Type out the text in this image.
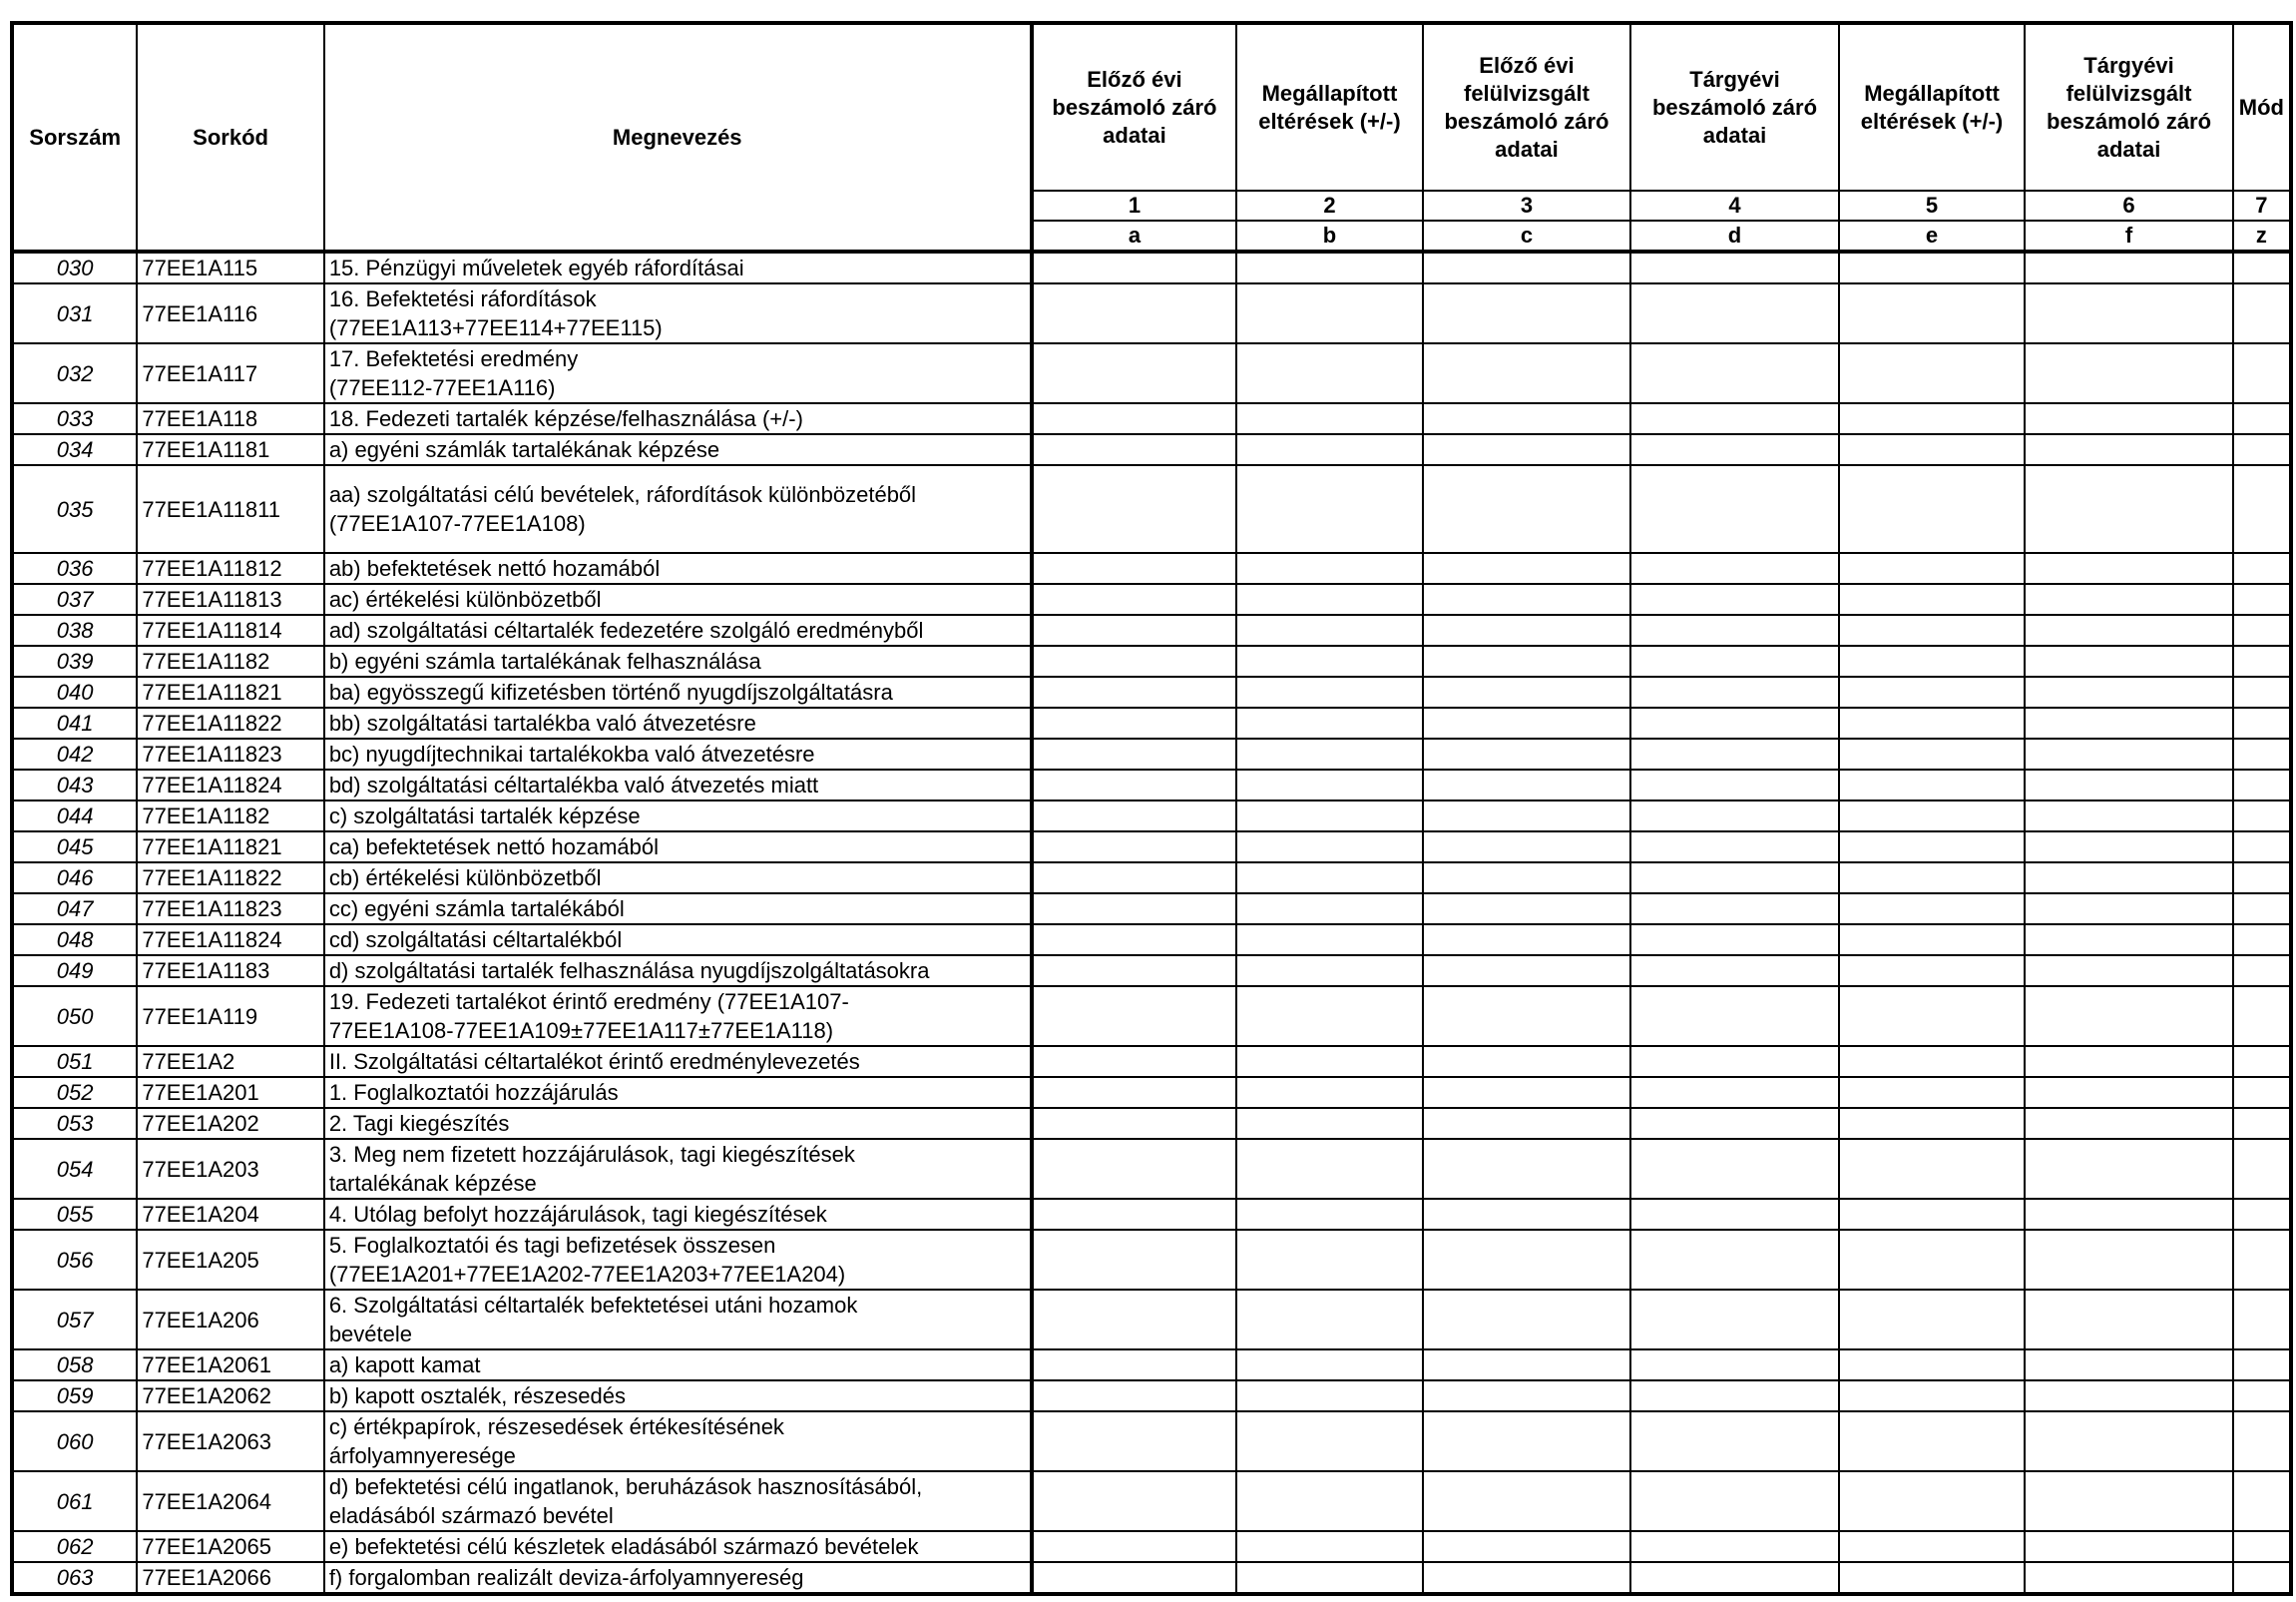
Sorszám	Sorkód	Megnevezés	Előző évi beszámoló záró adatai	Megállapított eltérések (+/-)	Előző évi felülvizsgált beszámoló záró adatai	Tárgyévi beszámoló záró adatai	Megállapított eltérések (+/-)	Tárgyévi felülvizsgált beszámoló záró adatai	Mód
			1	2	3	4	5	6	7
			a	b	c	d	e	f	z
030	77EE1A115	15. Pénzügyi műveletek egyéb ráfordításai							

031	77EE1A116	16. Befektetési ráfordítások
(77EE1A113+77EE114+77EE115)							

032	77EE1A117	17. Befektetési eredmény
(77EE112-77EE1A116)							

033	77EE1A118	18. Fedezeti tartalék képzése/felhasználása (+/-)							

034	77EE1A1181	a) egyéni számlák tartalékának képzése							

035	77EE1A11811	aa) szolgáltatási célú bevételek, ráfordítások különbözetéből
(77EE1A107-77EE1A108)							

036	77EE1A11812	ab) befektetések nettó hozamából							

037	77EE1A11813	ac) értékelési különbözetből							

038	77EE1A11814	ad) szolgáltatási céltartalék fedezetére szolgáló eredményből							

039	77EE1A1182	b) egyéni számla tartalékának felhasználása							

040	77EE1A11821	ba) egyösszegű kifizetésben történő nyugdíjszolgáltatásra							

041	77EE1A11822	bb) szolgáltatási tartalékba való átvezetésre							

042	77EE1A11823	bc) nyugdíjtechnikai tartalékokba való átvezetésre							

043	77EE1A11824	bd) szolgáltatási céltartalékba való átvezetés miatt							

044	77EE1A1182	c) szolgáltatási tartalék képzése							

045	77EE1A11821	ca) befektetések nettó hozamából							

046	77EE1A11822	cb) értékelési különbözetből							

047	77EE1A11823	cc) egyéni számla tartalékából							

048	77EE1A11824	cd) szolgáltatási céltartalékból							

049	77EE1A1183	d) szolgáltatási tartalék felhasználása nyugdíjszolgáltatásokra							

050	77EE1A119	19. Fedezeti tartalékot érintő eredmény (77EE1A107-
77EE1A108-77EE1A109±77EE1A117±77EE1A118)							

051	77EE1A2	II. Szolgáltatási céltartalékot érintő eredménylevezetés							

052	77EE1A201	1. Foglalkoztatói hozzájárulás							

053	77EE1A202	2. Tagi kiegészítés							

054	77EE1A203	3. Meg nem fizetett hozzájárulások, tagi kiegészítések
tartalékának képzése							

055	77EE1A204	4. Utólag befolyt hozzájárulások, tagi kiegészítések							

056	77EE1A205	5. Foglalkoztatói és tagi befizetések összesen
(77EE1A201+77EE1A202-77EE1A203+77EE1A204)							

057	77EE1A206	6. Szolgáltatási céltartalék befektetései utáni hozamok
bevétele							

058	77EE1A2061	a) kapott kamat							

059	77EE1A2062	b) kapott osztalék, részesedés							

060	77EE1A2063	c) értékpapírok, részesedések értékesítésének
árfolyamnyeresége							

061	77EE1A2064	d) befektetési célú ingatlanok, beruházások hasznosításából,
eladásából származó bevétel							

062	77EE1A2065	e) befektetési célú készletek eladásából származó bevételek							

063	77EE1A2066	f) forgalomban realizált deviza-árfolyamnyereség							
